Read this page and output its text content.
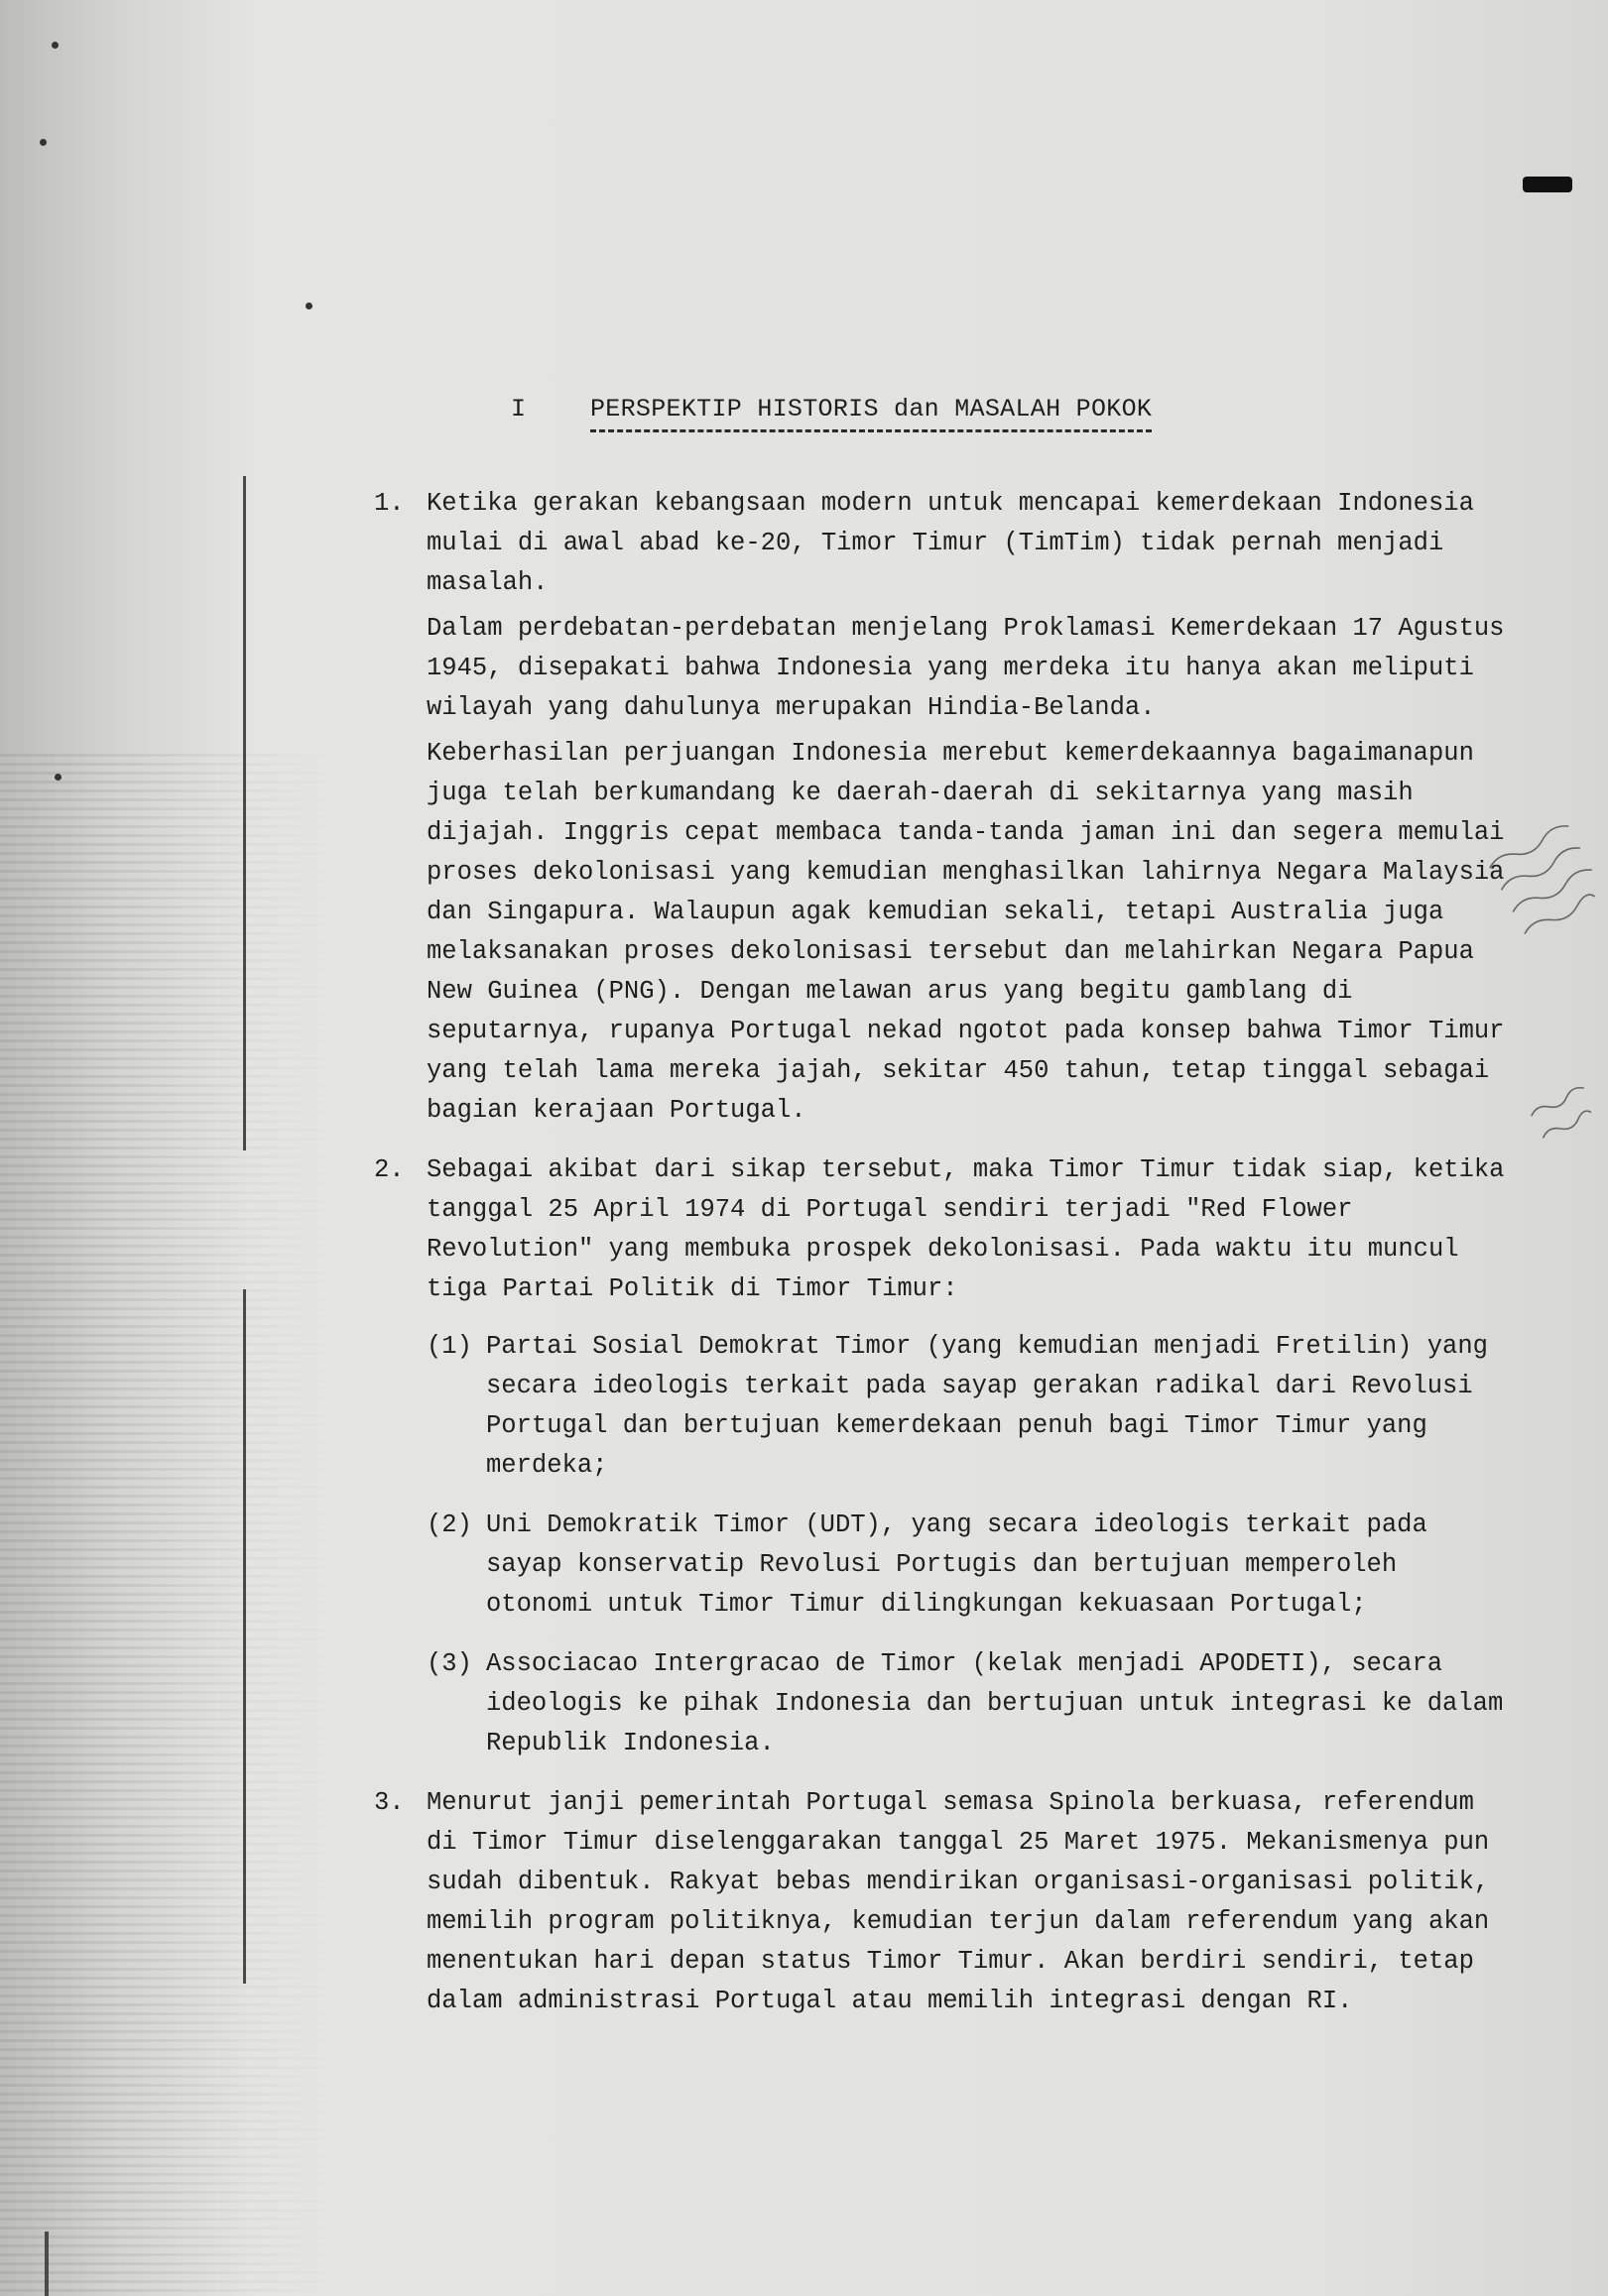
I	PERSPEKTIP HISTORIS dan MASALAH POKOK
1. Ketika gerakan kebangsaan modern untuk mencapai kemerdekaan Indonesia mulai di awal abad ke-20, Timor Timur (TimTim) tidak pernah menjadi masalah.

Dalam perdebatan-perdebatan menjelang Proklamasi Kemerdekaan 17 Agustus 1945, disepakati bahwa Indonesia yang merdeka itu hanya akan meliputi wilayah yang dahulunya merupakan Hindia-Belanda.

Keberhasilan perjuangan Indonesia merebut kemerdekaannya bagaimanapun juga telah berkumandang ke daerah-daerah di sekitarnya yang masih dijajah. Inggris cepat membaca tanda-tanda jaman ini dan segera memulai proses dekolonisasi yang kemudian menghasilkan lahirnya Negara Malaysia dan Singapura. Walaupun agak kemudian sekali, tetapi Australia juga melaksanakan proses dekolonisasi tersebut dan melahirkan Negara Papua New Guinea (PNG). Dengan melawan arus yang begitu gamblang di seputarnya, rupanya Portugal nekad ngotot pada konsep bahwa Timor Timur yang telah lama mereka jajah, sekitar 450 tahun, tetap tinggal sebagai bagian kerajaan Portugal.

2. Sebagai akibat dari sikap tersebut, maka Timor Timur tidak siap, ketika tanggal 25 April 1974 di Portugal sendiri terjadi "Red Flower Revolution" yang membuka prospek dekolonisasi. Pada waktu itu muncul tiga Partai Politik di Timor Timur:

(1) Partai Sosial Demokrat Timor (yang kemudian menjadi Fretilin) yang secara ideologis terkait pada sayap gerakan radikal dari Revolusi Portugal dan bertujuan kemerdekaan penuh bagi Timor Timur yang merdeka;

(2) Uni Demokratik Timor (UDT), yang secara ideologis terkait pada sayap konservatip Revolusi Portugis dan bertujuan memperoleh otonomi untuk Timor Timur dilingkungan kekuasaan Portugal;

(3) Associacao Intergracao de Timor (kelak menjadi APODETI), secara ideologis ke pihak Indonesia dan bertujuan untuk integrasi ke dalam Republik Indonesia.

3. Menurut janji pemerintah Portugal semasa Spinola berkuasa, referendum di Timor Timur diselenggarakan tanggal 25 Maret 1975. Mekanismenya pun sudah dibentuk. Rakyat bebas mendirikan organisasi-organisasi politik, memilih program politiknya, kemudian terjun dalam referendum yang akan menentukan hari depan status Timor Timur. Akan berdiri sendiri, tetap dalam administrasi Portugal atau memilih integrasi dengan RI.
